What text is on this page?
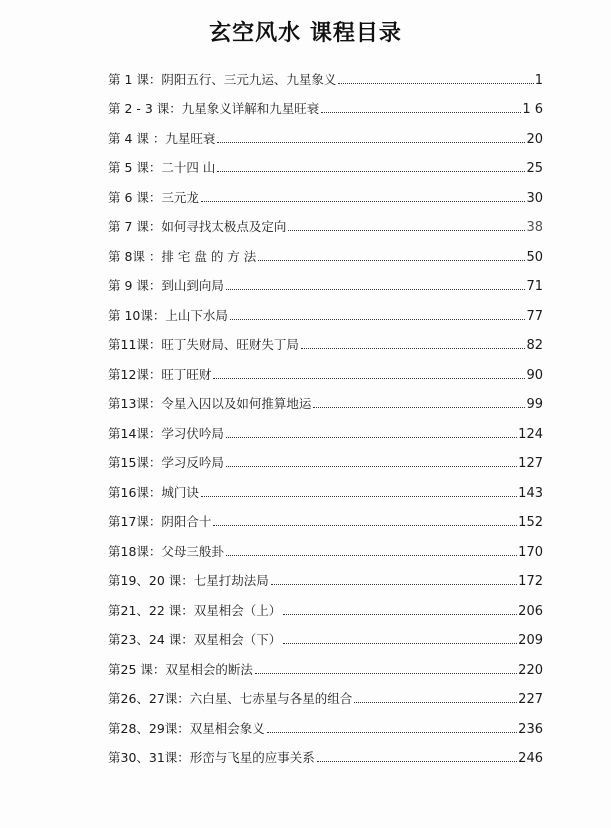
玄空风水 课程目录
第 1 课：阴阳五行、三元九运、九星象义	1
第 2 - 3 课：九星象义详解和九星旺衰	1 6
第 4 课 ：九星旺衰	20
第 5 课：二十四 山	25
第 6 课：三元龙	30
第 7 课：如何寻找太极点及定向	38
第 8课 ：排 宅 盘 的 方 法	50
第 9 课：到山到向局	71
第 10课：上山下水局	77
第11课：旺丁失财局、旺财失丁局	82
第12课：旺丁旺财	90
第13课：令星入囚以及如何推算地运	99
第14课：学习伏吟局	124
第15课：学习反吟局	127
第16课：城门诀	143
第17课：阴阳合十	152
第18课：父母三般卦	170
第19、20 课：七星打劫法局	172
第21、22 课：双星相会（上）	206
第23、24 课：双星相会（下）	209
第25 课：双星相会的断法	220
第26、27课：六白星、七赤星与各星的组合	227
第28、29课：双星相会象义	236
第30、31课：形峦与飞星的应事关系	246
